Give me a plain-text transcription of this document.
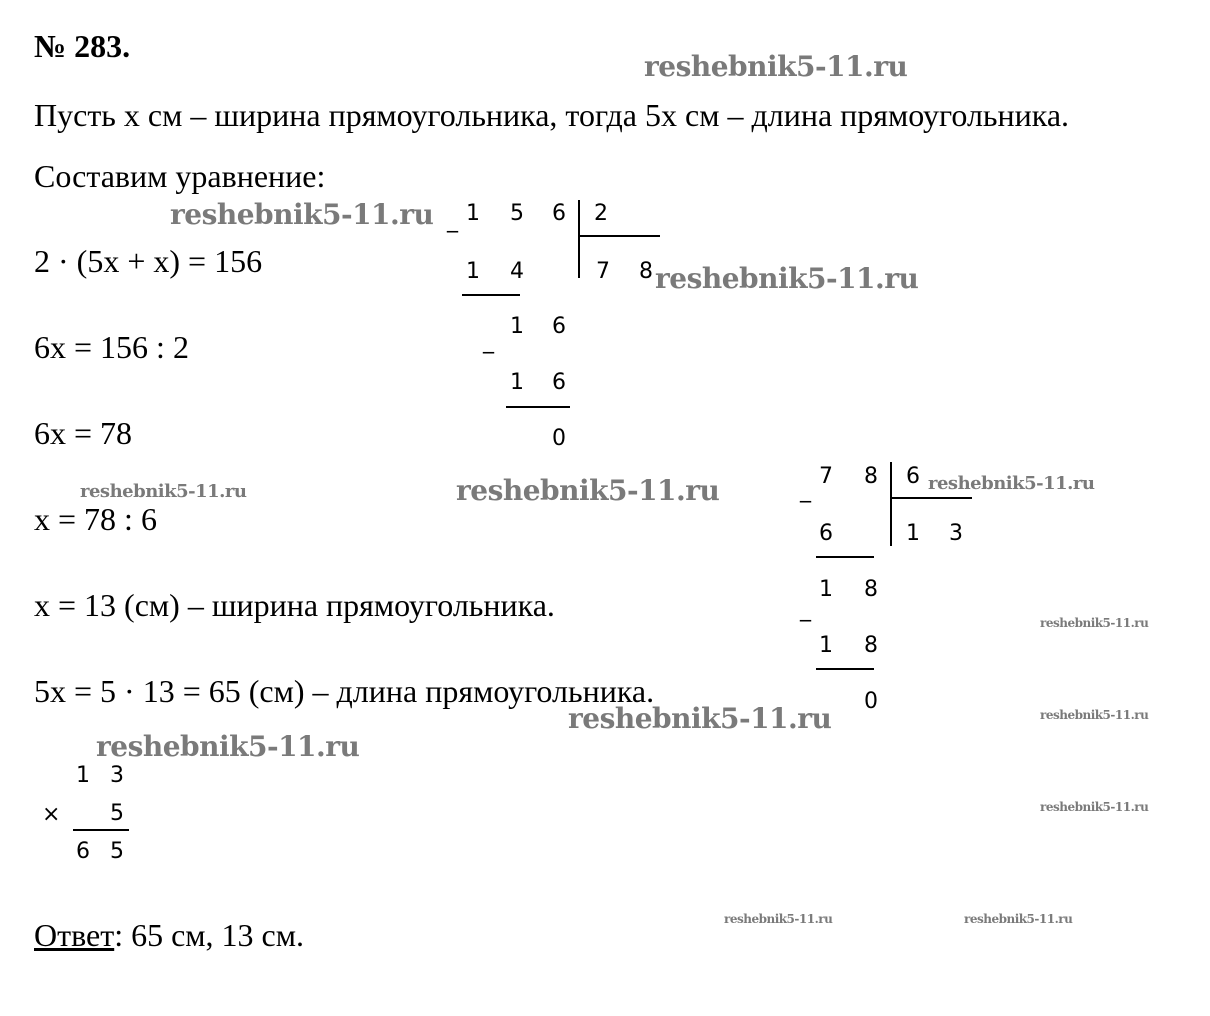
№ 283.
Пусть х см – ширина прямоугольника, тогда 5х см – длина прямоугольника.
Составим уравнение:
2 · (5х + х) = 156
6х = 156 : 2
6х = 78
х = 78 : 6
х = 13 (см) – ширина прямоугольника.
5х = 5 · 13 = 65 (см) – длина прямоугольника.
Ответ: 65 см, 13 см.
_ 1 5 6 2
7 8
1 4
_
1 6
1 6
0
_
7 8 6
1 3
6
1 8
_
1 8
0
1 3
× 5
6 5
reshebnik5-11.ru
reshebnik5-11.ru
reshebnik5-11.ru
reshebnik5-11.ru	reshebnik5-11.ru	reshebnik5-11.ru
reshebnik5-11.ru
reshebnik5-11.ru	reshebnik5-11.ru
reshebnik5-11.ru
reshebnik5-11.ru
reshebnik5-11.ru	reshebnik5-11.ru
